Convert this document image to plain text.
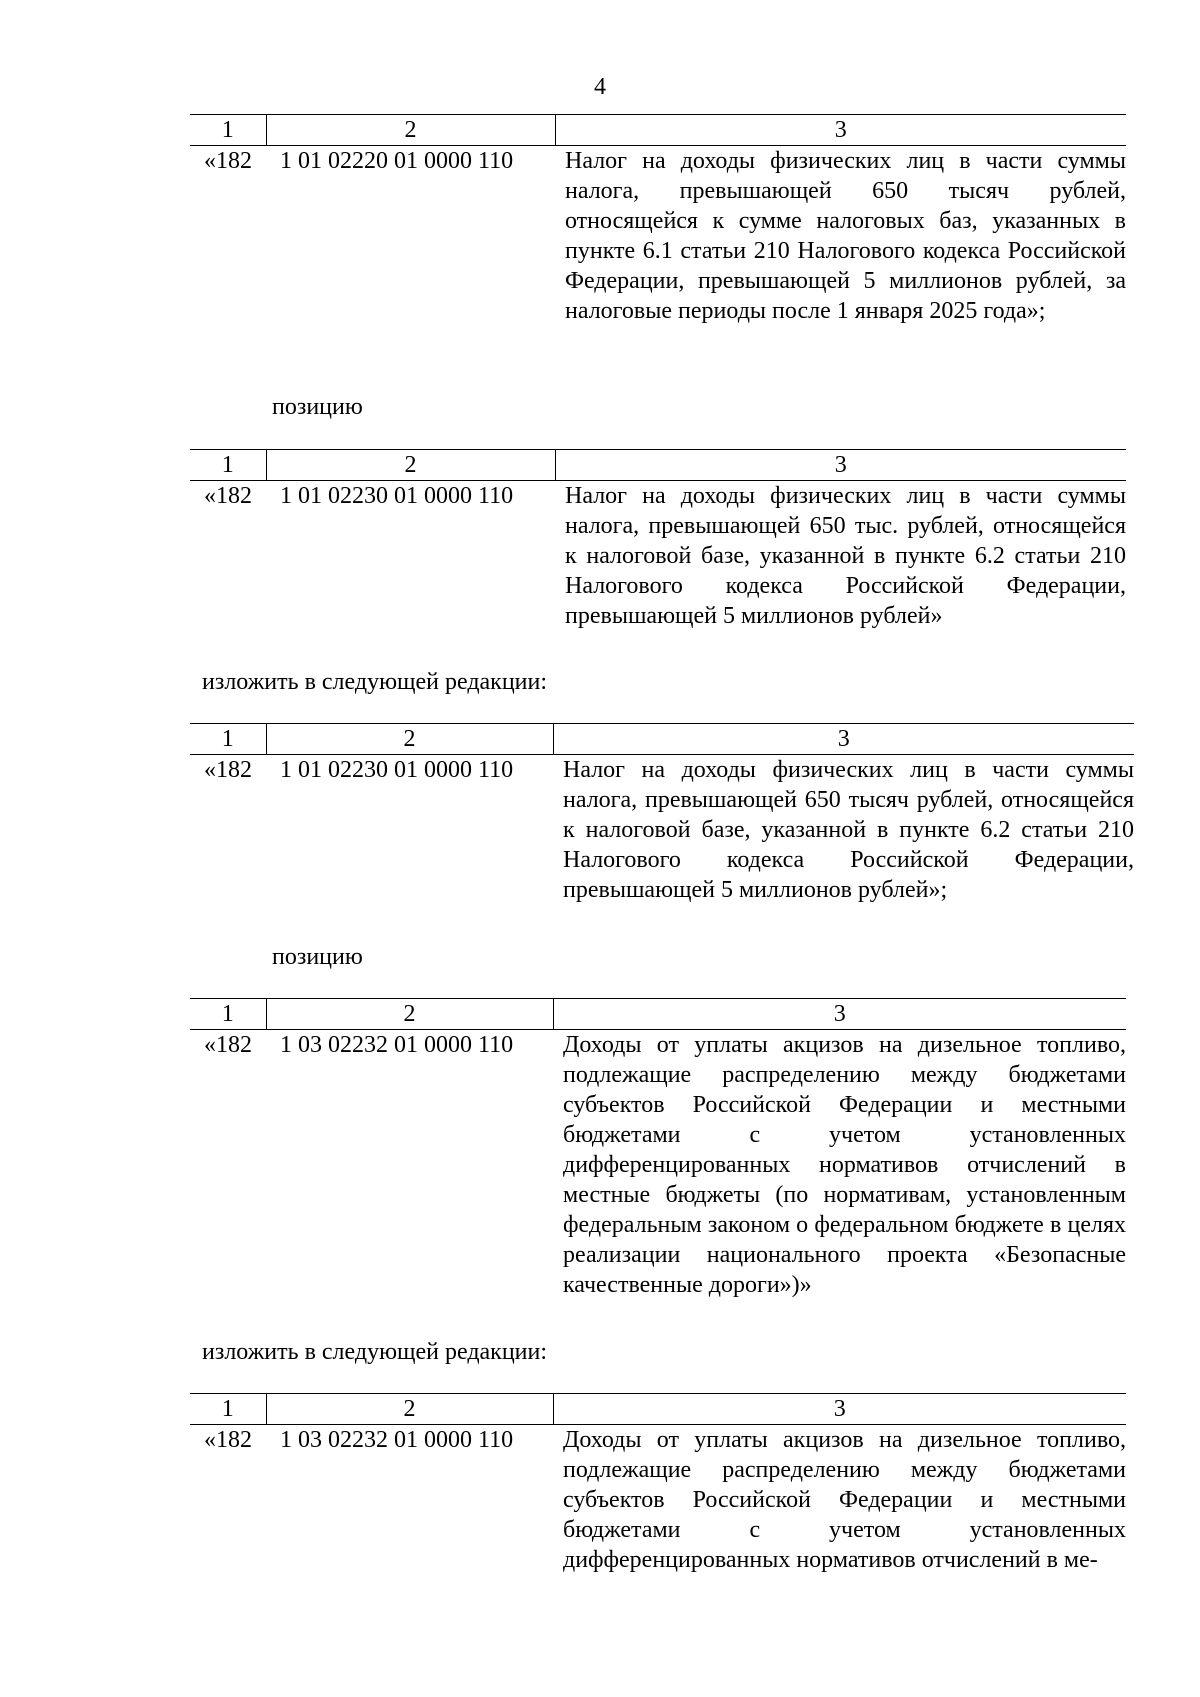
4
1	2	3
«182	1 01 02220 01 0000 110	Налог на доходы физических лиц в части суммы налога, превышающей 650 тысяч рублей, относящейся к сумме налоговых баз, указанных в пункте 6.1 статьи 210 Налогового кодекса Российской Федерации, превышающей 5 миллионов рублей, за налоговые периоды после 1 января 2025 года»;
позицию
1	2	3
«182	1 01 02230 01 0000 110	Налог на доходы физических лиц в части суммы налога, превышающей 650 тыс. рублей, относящейся к налоговой базе, указанной в пункте 6.2 статьи 210 Налогового кодекса Российской Федерации, превышающей 5 миллионов рублей»
изложить в следующей редакции:
1	2	3
«182	1 01 02230 01 0000 110	Налог на доходы физических лиц в части суммы налога, превышающей 650 тысяч рублей, относящейся к налоговой базе, указанной в пункте 6.2 статьи 210 Налогового кодекса Российской Федерации, превышающей 5 миллионов рублей»;
позицию
1	2	3
«182	1 03 02232 01 0000 110	Доходы от уплаты акцизов на дизельное топливо, подлежащие распределению между бюджетами субъектов Российской Федерации и местными бюджетами с учетом установленных дифференцированных нормативов отчислений в местные бюджеты (по нормативам, установленным федеральным законом о федеральном бюджете в целях реализации национального проекта «Безопасные качественные дороги»)»
изложить в следующей редакции:
1	2	3
«182	1 03 02232 01 0000 110	Доходы от уплаты акцизов на дизельное топливо, подлежащие распределению между бюджетами субъектов Российской Федерации и местными бюджетами с учетом установленных дифференцированных нормативов отчислений в ме-
